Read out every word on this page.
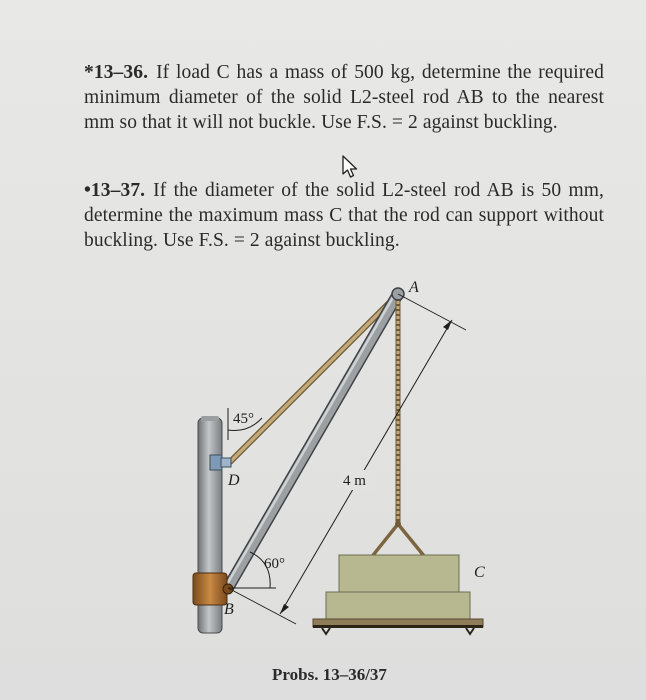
*13–36. If load C has a mass of 500 kg, determine the required minimum diameter of the solid L2-steel rod AB to the nearest mm so that it will not buckle. Use F.S. = 2 against buckling.
•13–37. If the diameter of the solid L2-steel rod AB is 50 mm, determine the maximum mass C that the rod can support without buckling. Use F.S. = 2 against buckling.
45°
60°
4 m
A
D
B
C
Probs. 13–36/37
